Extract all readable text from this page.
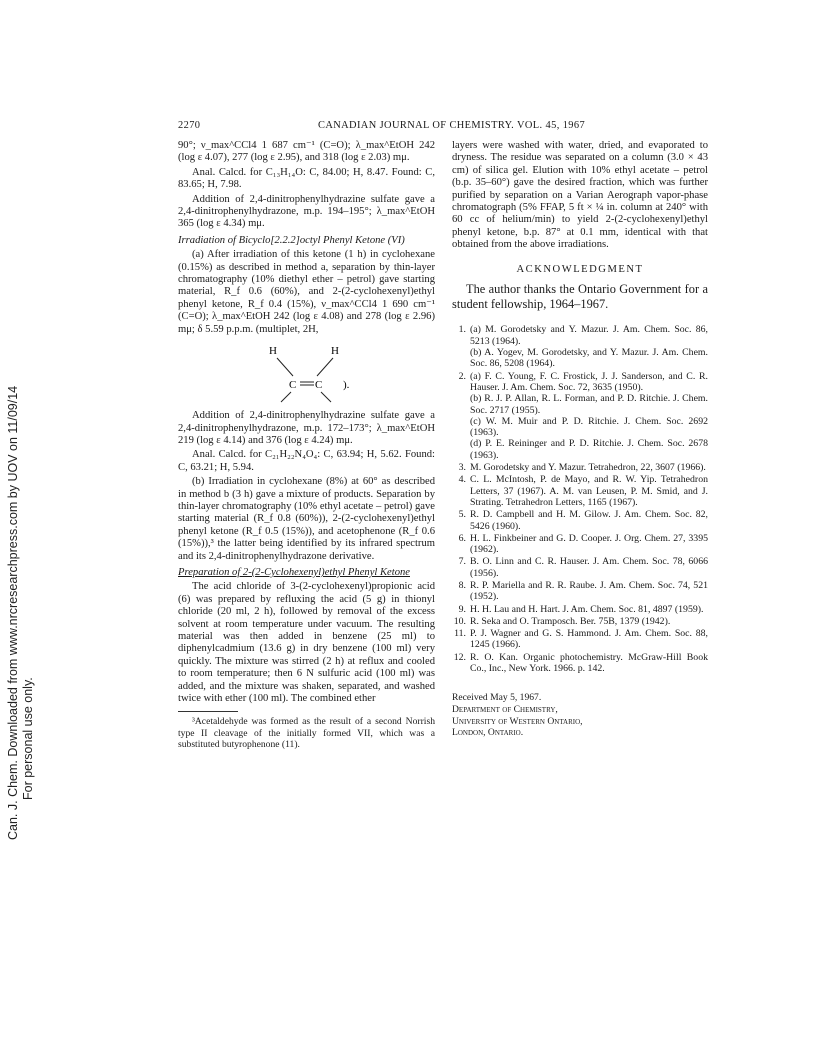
Can. J. Chem. Downloaded from www.nrcresearchpress.com by UOV on 11/09/14 For personal use only.
2270	CANADIAN JOURNAL OF CHEMISTRY. VOL. 45, 1967

90°; ν_max^CCl4 1 687 cm⁻¹ (C=O); λ_max^EtOH 242 (log ε 4.07), 277 (log ε 2.95), and 318 (log ε 2.03) mμ.

Anal. Calcd. for C₁₃H₁₄O: C, 84.00; H, 8.47. Found: C, 83.65; H, 7.98.

Addition of 2,4-dinitrophenylhydrazine sulfate gave a 2,4-dinitrophenylhydrazone, m.p. 194–195°; λ_max^EtOH 365 (log ε 4.34) mμ.

Irradiation of Bicyclo[2.2.2]octyl Phenyl Ketone (VI)

(a) After irradiation of this ketone (1 h) in cyclohexane (0.15%) as described in method a, separation by thin-layer chromatography (10% diethyl ether – petrol) gave starting material, R_f 0.6 (60%), and 2-(2-cyclohexenyl)ethyl phenyl ketone, R_f 0.4 (15%), ν_max^CCl4 1 690 cm⁻¹ (C=O); λ_max^EtOH 242 (log ε 4.08) and 278 (log ε 2.96) mμ; δ 5.59 p.p.m. (multiplet, 2H,

H	H
C C ).

Addition of 2,4-dinitrophenylhydrazine sulfate gave a 2,4-dinitrophenylhydrazone, m.p. 172–173°; λ_max^EtOH 219 (log ε 4.14) and 376 (log ε 4.24) mμ.

Anal. Calcd. for C₂₁H₂₂N₄O₄: C, 63.94; H, 5.62. Found: C, 63.21; H, 5.94.

(b) Irradiation in cyclohexane (8%) at 60° as described in method b (3 h) gave a mixture of products. Separation by thin-layer chromatography (10% ethyl acetate – petrol) gave starting material (R_f 0.8 (60%)), 2-(2-cyclohexenyl)ethyl phenyl ketone (R_f 0.5 (15%)), and acetophenone (R_f 0.6 (15%)),³ the latter being identified by its infrared spectrum and its 2,4-dinitrophenylhydrazone derivative.

Preparation of 2-(2-Cyclohexenyl)ethyl Phenyl Ketone

The acid chloride of 3-(2-cyclohexenyl)propionic acid (6) was prepared by refluxing the acid (5 g) in thionyl chloride (20 ml, 2 h), followed by removal of the excess solvent at room temperature under vacuum. The resulting material was then added in benzene (25 ml) to diphenylcadmium (13.6 g) in dry benzene (100 ml) very quickly. The mixture was stirred (2 h) at reflux and cooled to room temperature; then 6 N sulfuric acid (100 ml) was added, and the mixture was shaken, separated, and washed twice with ether (100 ml). The combined ether

³Acetaldehyde was formed as the result of a second Norrish type II cleavage of the initially formed VII, which was a substituted butyrophenone (11).

layers were washed with water, dried, and evaporated to dryness. The residue was separated on a column (3.0 × 43 cm) of silica gel. Elution with 10% ethyl acetate – petrol (b.p. 35–60°) gave the desired fraction, which was further purified by separation on a Varian Aerograph vapor-phase chromatograph (5% FFAP, 5 ft × ¼ in. column at 240° with 60 cc of helium/min) to yield 2-(2-cyclohexenyl)ethyl phenyl ketone, b.p. 87° at 0.1 mm, identical with that obtained from the above irradiations.

ACKNOWLEDGMENT

The author thanks the Ontario Government for a student fellowship, 1964–1967.

1. (a) M. Gorodetsky and Y. Mazur. J. Am. Chem. Soc. 86, 5213 (1964).
(b) A. Yogev, M. Gorodetsky, and Y. Mazur. J. Am. Chem. Soc. 86, 5208 (1964).
2. (a) F. C. Young, F. C. Frostick, J. J. Sanderson, and C. R. Hauser. J. Am. Chem. Soc. 72, 3635 (1950).
(b) R. J. P. Allan, R. L. Forman, and P. D. Ritchie. J. Chem. Soc. 2717 (1955).
(c) W. M. Muir and P. D. Ritchie. J. Chem. Soc. 2692 (1963).
(d) P. E. Reininger and P. D. Ritchie. J. Chem. Soc. 2678 (1963).
3. M. Gorodetsky and Y. Mazur. Tetrahedron, 22, 3607 (1966).
4. C. L. McIntosh, P. de Mayo, and R. W. Yip. Tetrahedron Letters, 37 (1967). A. M. van Leusen, P. M. Smid, and J. Strating. Tetrahedron Letters, 1165 (1967).
5. R. D. Campbell and H. M. Gilow. J. Am. Chem. Soc. 82, 5426 (1960).
6. H. L. Finkbeiner and G. D. Cooper. J. Org. Chem. 27, 3395 (1962).
7. B. O. Linn and C. R. Hauser. J. Am. Chem. Soc. 78, 6066 (1956).
8. R. P. Mariella and R. R. Raube. J. Am. Chem. Soc. 74, 521 (1952).
9. H. H. Lau and H. Hart. J. Am. Chem. Soc. 81, 4897 (1959).
10. R. Seka and O. Tramposch. Ber. 75B, 1379 (1942).
11. P. J. Wagner and G. S. Hammond. J. Am. Chem. Soc. 88, 1245 (1966).
12. R. O. Kan. Organic photochemistry. McGraw-Hill Book Co., Inc., New York. 1966. p. 142.
Received May 5, 1967.
Department of Chemistry,
University of Western Ontario,
London, Ontario.
